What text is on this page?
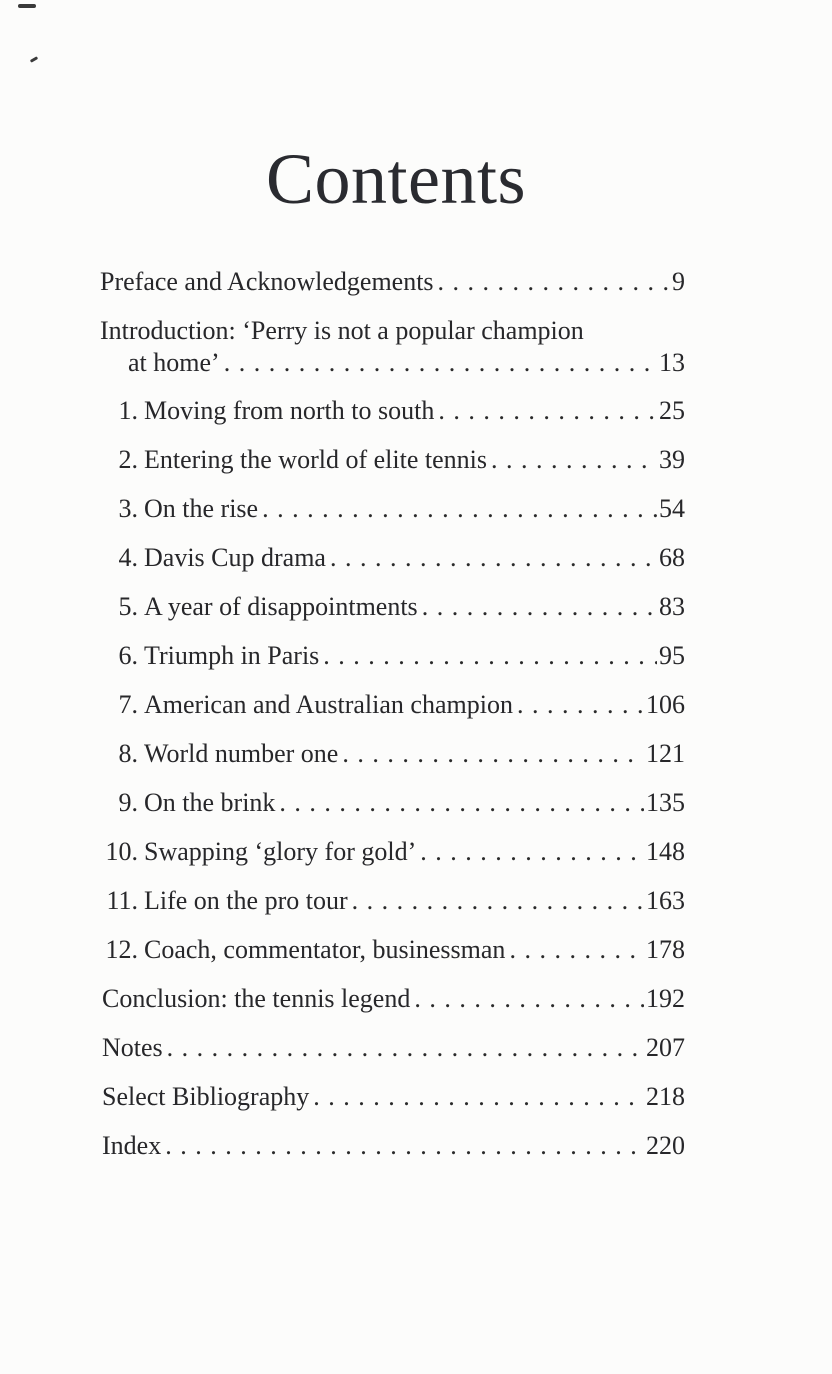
Contents
Preface and Acknowledgements . . .	9
Introduction: ‘Perry is not a popular champion
at home’ . . .	13
1. Moving from north to south . . .	25
2. Entering the world of elite tennis . . .	39
3. On the rise . . .	54
4. Davis Cup drama . . .	68
5. A year of disappointments . . .	83
6. Triumph in Paris . . .	95
7. American and Australian champion . . .	106
8. World number one . . .	121
9. On the brink . . .	135
10. Swapping ‘glory for gold’ . . .	148
11. Life on the pro tour . . .	163
12. Coach, commentator, businessman . . .	178
Conclusion: the tennis legend . . .	192
Notes . . .	207
Select Bibliography . . .	218
Index . . .	220
